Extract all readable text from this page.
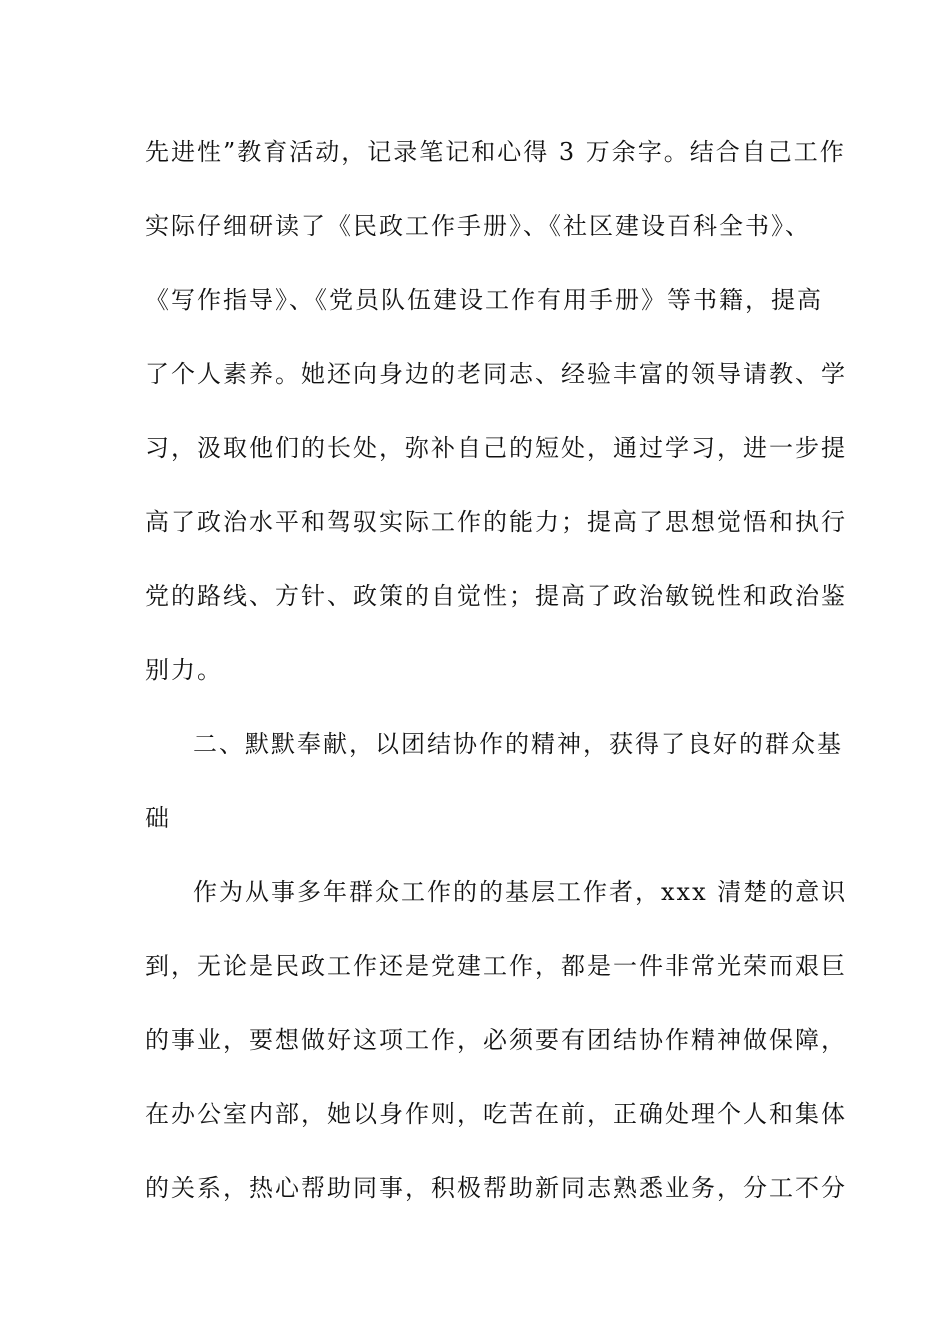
先进性”教育活动，记录笔记和心得 3 万余字。结合自己工作
实际仔细研读了《民政工作手册》、《社区建设百科全书》、
《写作指导》、《党员队伍建设工作有用手册》等书籍，提高
了个人素养。她还向身边的老同志、经验丰富的领导请教、学
习，汲取他们的长处，弥补自己的短处，通过学习，进一步提
高了政治水平和驾驭实际工作的能力；提高了思想觉悟和执行
党的路线、方针、政策的自觉性；提高了政治敏锐性和政治鉴
别力。
二、默默奉献，以团结协作的精神，获得了良好的群众基
础
作为从事多年群众工作的的基层工作者，xxx 清楚的意识
到，无论是民政工作还是党建工作，都是一件非常光荣而艰巨
的事业，要想做好这项工作，必须要有团结协作精神做保障，
在办公室内部，她以身作则，吃苦在前，正确处理个人和集体
的关系，热心帮助同事，积极帮助新同志熟悉业务，分工不分
